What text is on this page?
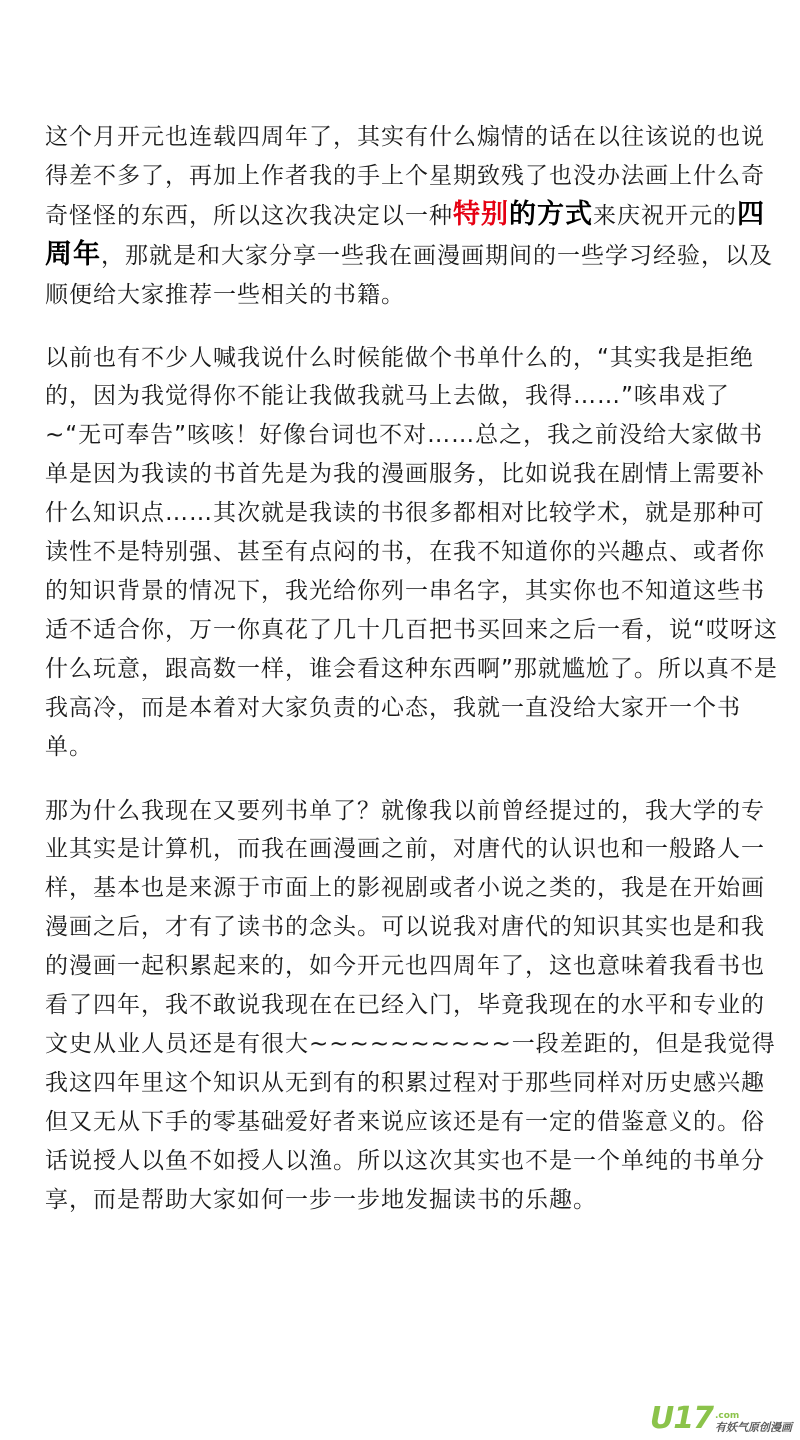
这个月开元也连载四周年了，其实有什么煽情的话在以往该说的也说得差不多了，再加上作者我的手上个星期致残了也没办法画上什么奇奇怪怪的东西，所以这次我决定以一种特别的方式来庆祝开元的四周年，那就是和大家分享一些我在画漫画期间的一些学习经验，以及顺便给大家推荐一些相关的书籍。

以前也有不少人喊我说什么时候能做个书单什么的，“其实我是拒绝的，因为我觉得你不能让我做我就马上去做，我得……”咳串戏了~“无可奉告”咳咳！好像台词也不对……总之，我之前没给大家做书单是因为我读的书首先是为我的漫画服务，比如说我在剧情上需要补什么知识点……其次就是我读的书很多都相对比较学术，就是那种可读性不是特别强、甚至有点闷的书，在我不知道你的兴趣点、或者你的知识背景的情况下，我光给你列一串名字，其实你也不知道这些书适不适合你，万一你真花了几十几百把书买回来之后一看，说“哎呀这什么玩意，跟高数一样，谁会看这种东西啊”那就尴尬了。所以真不是我高冷，而是本着对大家负责的心态，我就一直没给大家开一个书单。

那为什么我现在又要列书单了？就像我以前曾经提过的，我大学的专业其实是计算机，而我在画漫画之前，对唐代的认识也和一般路人一样，基本也是来源于市面上的影视剧或者小说之类的，我是在开始画漫画之后，才有了读书的念头。可以说我对唐代的知识其实也是和我的漫画一起积累起来的，如今开元也四周年了，这也意味着我看书也看了四年，我不敢说我现在在已经入门，毕竟我现在的水平和专业的文史从业人员还是有很大~~~~~~~~~~一段差距的，但是我觉得我这四年里这个知识从无到有的积累过程对于那些同样对历史感兴趣但又无从下手的零基础爱好者来说应该还是有一定的借鉴意义的。俗话说授人以鱼不如授人以渔。所以这次其实也不是一个单纯的书单分享，而是帮助大家如何一步一步地发掘读书的乐趣。

U17 .com
有妖气原创漫画
